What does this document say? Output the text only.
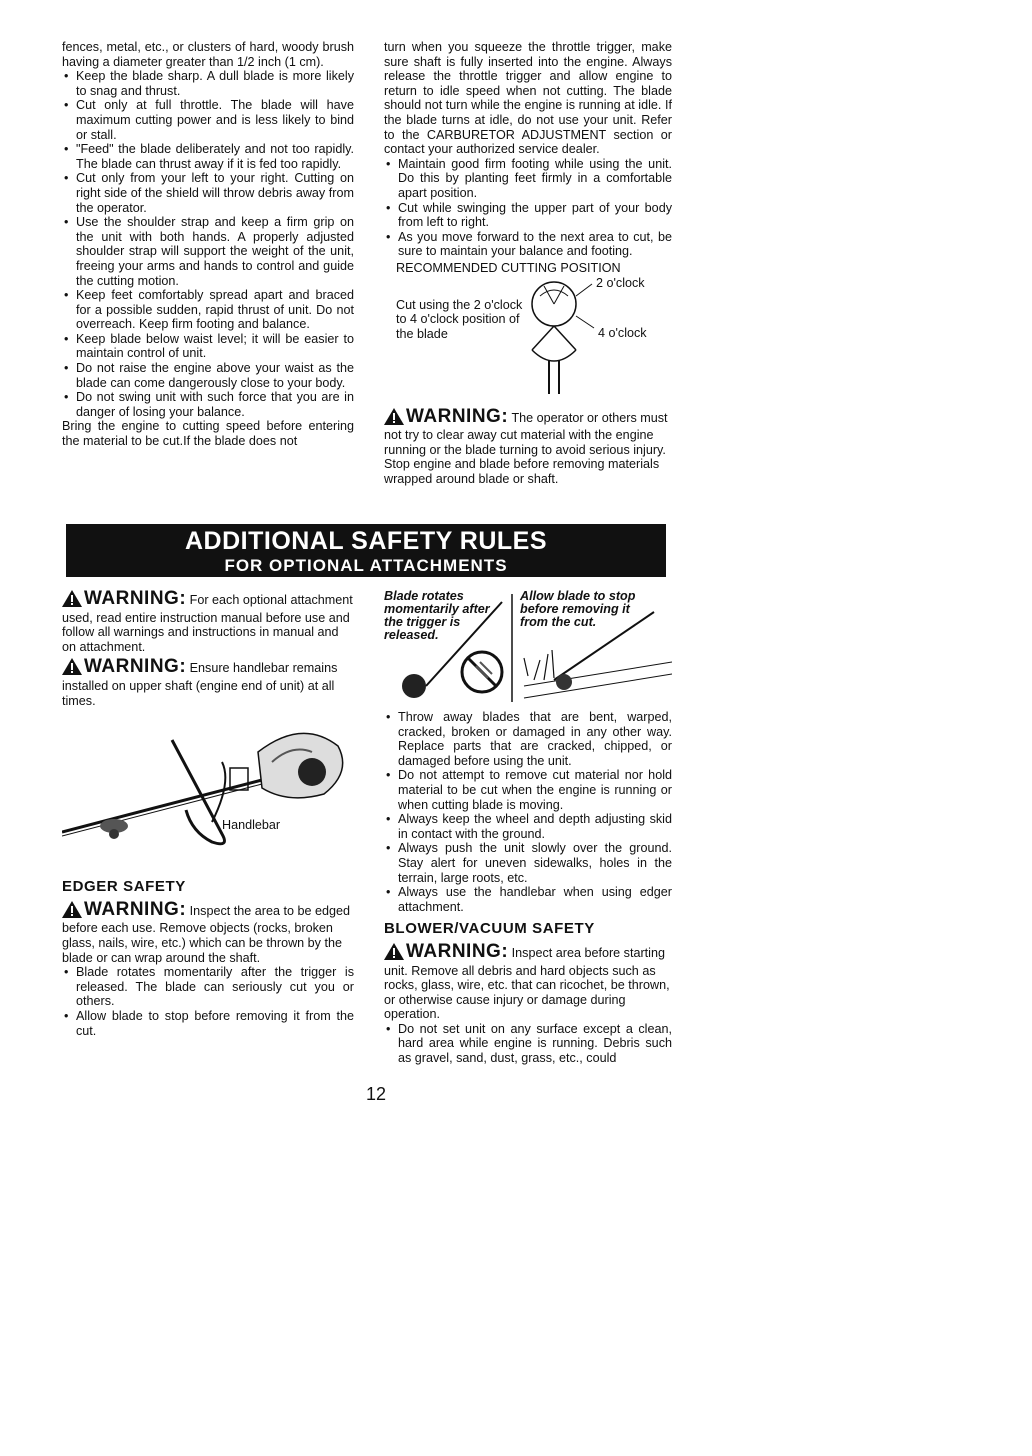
fences, metal, etc., or clusters of hard, woody brush having a diameter greater than 1/2 inch (1 cm).

• Keep the blade sharp. A dull blade is more likely to snag and thrust.
• Cut only at full throttle. The blade will have maximum cutting power and is less likely to bind or stall.
• "Feed" the blade deliberately and not too rapidly. The blade can thrust away if it is fed too rapidly.
• Cut only from your left to your right. Cutting on right side of the shield will throw debris away from the operator.
• Use the shoulder strap and keep a firm grip on the unit with both hands. A properly adjusted shoulder strap will support the weight of the unit, freeing your arms and hands to control and guide the cutting motion.
• Keep feet comfortably spread apart and braced for a possible sudden, rapid thrust of unit. Do not overreach. Keep firm footing and balance.
• Keep blade below waist level; it will be easier to maintain control of unit.
• Do not raise the engine above your waist as the blade can come dangerously close to your body.
• Do not swing unit with such force that you are in danger of losing your balance.

Bring the engine to cutting speed before entering the material to be cut.If the blade does not

turn when you squeeze the throttle trigger, make sure shaft is fully inserted into the engine. Always release the throttle trigger and allow engine to return to idle speed when not cutting. The blade should not turn while the engine is running at idle. If the blade turns at idle, do not use your unit. Refer to the CARBURETOR ADJUSTMENT section or contact your authorized service dealer.

• Maintain good firm footing while using the unit. Do this by planting feet firmly in a comfortable apart position.
• Cut while swinging the upper part of your body from left to right.
• As you move forward to the next area to cut, be sure to maintain your balance and footing.
RECOMMENDED CUTTING POSITION
Cut using the 2 o'clock to 4 o'clock position of the blade
2 o'clock
4 o'clock
WARNING: The operator or others must not try to clear away cut material with the engine running or the blade turning to avoid serious injury. Stop engine and blade before removing materials wrapped around blade or shaft.
ADDITIONAL SAFETY RULES
FOR OPTIONAL ATTACHMENTS
WARNING: For each optional attachment used, read entire instruction manual before use and follow all warnings and instructions in manual and on attachment.
WARNING: Ensure handlebar remains installed on upper shaft (engine end of unit) at all times.
Handlebar
EDGER SAFETY
WARNING: Inspect the area to be edged before each use. Remove objects (rocks, broken glass, nails, wire, etc.) which can be thrown by the blade or can wrap around the shaft.
• Blade rotates momentarily after the trigger is released. The blade can seriously cut you or others.
• Allow blade to stop before removing it from the cut.
Blade rotates momentarily after the trigger is released.
Allow blade to stop before removing it from the cut.
• Throw away blades that are bent, warped, cracked, broken or damaged in any other way. Replace parts that are cracked, chipped, or damaged before using the unit.
• Do not attempt to remove cut material nor hold material to be cut when the engine is running or when cutting blade is moving.
• Always keep the wheel and depth adjusting skid in contact with the ground.
• Always push the unit slowly over the ground. Stay alert for uneven sidewalks, holes in the terrain, large roots, etc.
• Always use the handlebar when using edger attachment.
BLOWER/VACUUM SAFETY
WARNING: Inspect area before starting unit. Remove all debris and hard objects such as rocks, glass, wire, etc. that can ricochet, be thrown, or otherwise cause injury or damage during operation.
• Do not set unit on any surface except a clean, hard area while engine is running. Debris such as gravel, sand, dust, grass, etc., could
12
